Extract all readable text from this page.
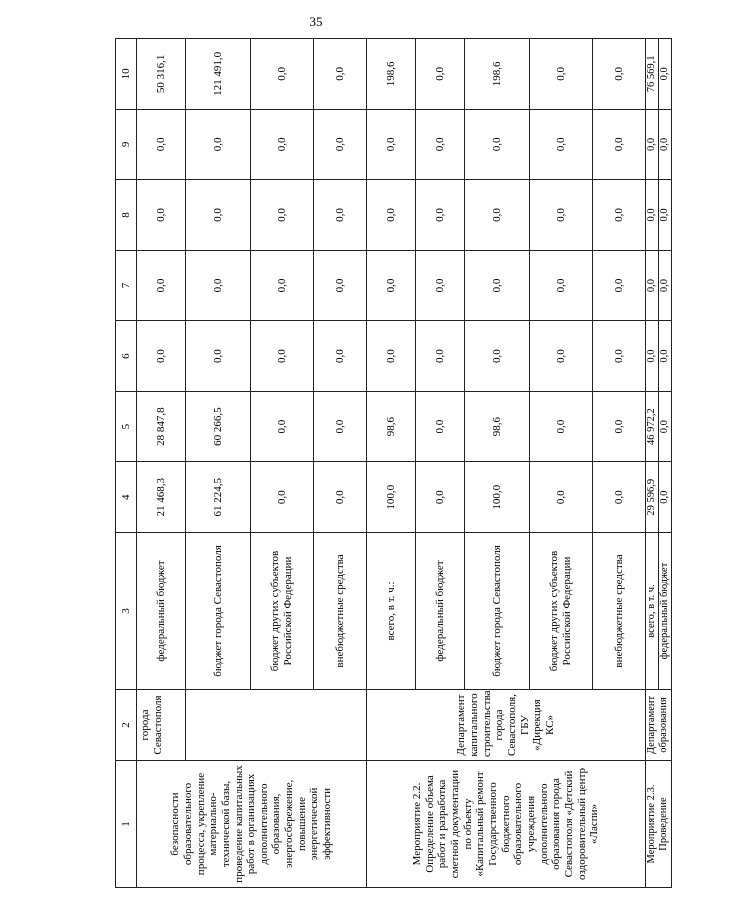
35
1	2	3	4	5	6	7	8	9	10
безопасности образовательного процесса, укрепление материально-технической базы, проведение капитальных работ в организациях дополнительного образования, энергосбережение, повышение энергетической эффективности	города Севастополя	федеральный бюджет	21 468,3	28 847,8	0,0	0,0	0,0	0,0	50 316,1
		бюджет города Севастополя	61 224,5	60 266,5	0,0	0,0	0,0	0,0	121 491,0
		бюджет других субъектов Российской Федерации	0,0	0,0	0,0	0,0	0,0	0,0	0,0
		внебюджетные средства	0,0	0,0	0,0	0,0	0,0	0,0	0,0
Мероприятие 2.2. Определение объема работ и разработка сметной документации по объекту «Капитальный ремонт Государственного бюджетного образовательного учреждения дополнительного образования города Севастополя «Детский оздоровительный центр «Ласпи»	Департамент капитального строительства города Севастополя, ГБУ «Дирекция КС»	всего, в т. ч.:	100,0	98,6	0,0	0,0	0,0	0,0	198,6
		федеральный бюджет	0,0	0,0	0,0	0,0	0,0	0,0	0,0
		бюджет города Севастополя	100,0	98,6	0,0	0,0	0,0	0,0	198,6
		бюджет других субъектов Российской Федерации	0,0	0,0	0,0	0,0	0,0	0,0	0,0
		внебюджетные средства	0,0	0,0	0,0	0,0	0,0	0,0	0,0
Мероприятие 2.3. Проведение	Департамент образования	всего, в т. ч.	29 596,9	46 972,2	0,0	0,0	0,0	0,0	76 569,1
		федеральный бюджет	0,0	0,0	0,0	0,0	0,0	0,0	0,0
